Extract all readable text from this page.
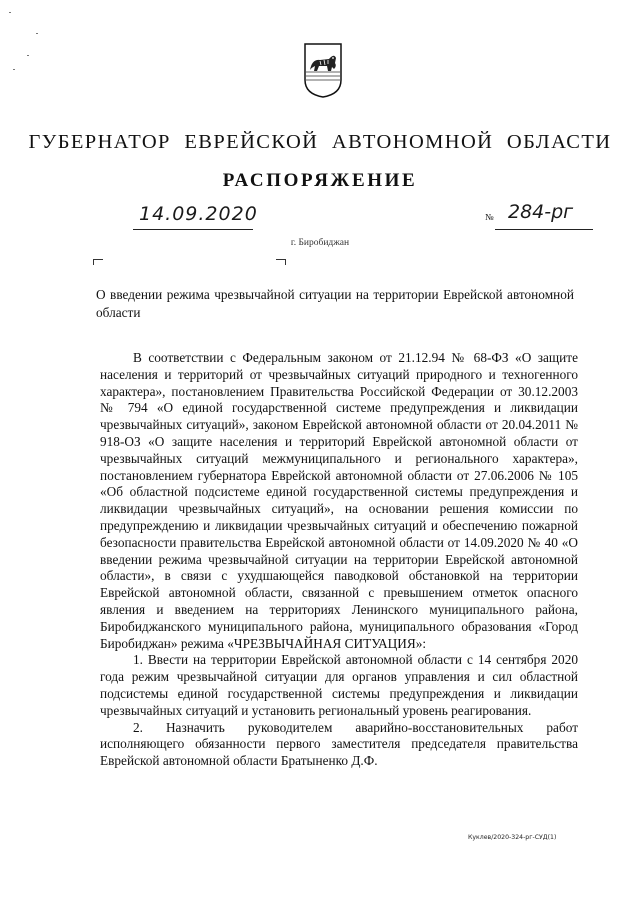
ГУБЕРНАТОР ЕВРЕЙСКОЙ АВТОНОМНОЙ ОБЛАСТИ
РАСПОРЯЖЕНИЕ
14.09.2020	№ 284-рг
г. Биробиджан
О введении режима чрезвычайной ситуации на территории Еврейской автономной области

В соответствии с Федеральным законом от 21.12.94 № 68-ФЗ «О защите населения и территорий от чрезвычайных ситуаций природного и техногенного характера», постановлением Правительства Российской Федерации от 30.12.2003 № 794 «О единой государственной системе предупреждения и ликвидации чрезвычайных ситуаций», законом Еврейской автономной области от 20.04.2011 № 918-ОЗ «О защите населения и территорий Еврейской автономной области от чрезвычайных ситуаций межмуниципального и регионального характера», постановлением губернатора Еврейской автономной области от 27.06.2006 № 105 «Об областной подсистеме единой государственной системы предупреждения и ликвидации чрезвычайных ситуаций», на основании решения комиссии по предупреждению и ликвидации чрезвычайных ситуаций и обеспечению пожарной безопасности правительства Еврейской автономной области от 14.09.2020 № 40 «О введении режима чрезвычайной ситуации на территории Еврейской автономной области», в связи с ухудшающейся паводковой обстановкой на территории Еврейской автономной области, связанной с превышением отметок опасного явления и введением на территориях Ленинского муниципального района, Биробиджанского муниципального района, муниципального образования «Город Биробиджан» режима «ЧРЕЗВЫЧАЙНАЯ СИТУАЦИЯ»:

1. Ввести на территории Еврейской автономной области с 14 сентября 2020 года режим чрезвычайной ситуации для органов управления и сил областной подсистемы единой государственной системы предупреждения и ликвидации чрезвычайных ситуаций и установить региональный уровень реагирования.

2. Назначить руководителем аварийно-восстановительных работ исполняющего обязанности первого заместителя председателя правительства Еврейской автономной области Братыненко Д.Ф.

Куклев/2020-324-рг-СУД(1)
